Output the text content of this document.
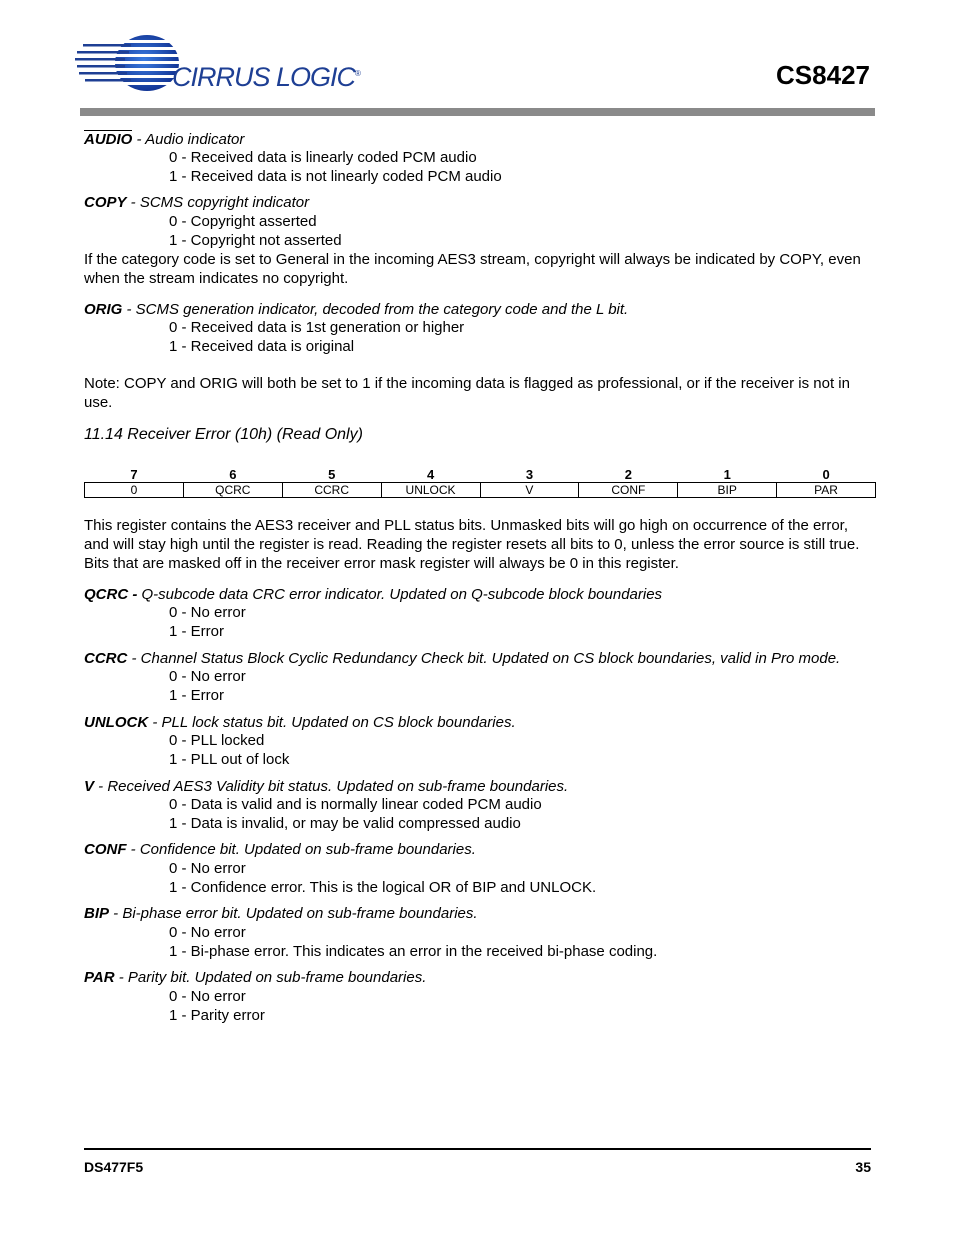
CIRRUS LOGIC®	CS8427
AUDIO - Audio indicator
0 - Received data is linearly coded PCM audio
1 - Received data is not linearly coded PCM audio
COPY - SCMS copyright indicator
0 - Copyright asserted
1 - Copyright not asserted
If the category code is set to General in the incoming AES3 stream, copyright will always be indicated by COPY, even when the stream indicates no copyright.
ORIG - SCMS generation indicator, decoded from the category code and the L bit.
0 - Received data is 1st generation or higher
1 - Received data is original
Note: COPY and ORIG will both be set to 1 if the incoming data is flagged as professional, or if the receiver is not in use.
11.14 Receiver Error (10h) (Read Only)
7	6	5	4	3	2	1	0
0	QCRC	CCRC	UNLOCK	V	CONF	BIP	PAR
This register contains the AES3 receiver and PLL status bits. Unmasked bits will go high on occurrence of the error, and will stay high until the register is read. Reading the register resets all bits to 0, unless the error source is still true. Bits that are masked off in the receiver error mask register will always be 0 in this register.
QCRC - Q-subcode data CRC error indicator. Updated on Q-subcode block boundaries
0 - No error
1 - Error
CCRC - Channel Status Block Cyclic Redundancy Check bit. Updated on CS block boundaries, valid in Pro mode.
0 - No error
1 - Error
UNLOCK - PLL lock status bit. Updated on CS block boundaries.
0 - PLL locked
1 - PLL out of lock
V - Received AES3 Validity bit status. Updated on sub-frame boundaries.
0 - Data is valid and is normally linear coded PCM audio
1 - Data is invalid, or may be valid compressed audio
CONF - Confidence bit. Updated on sub-frame boundaries.
0 - No error
1 - Confidence error. This is the logical OR of BIP and UNLOCK.
BIP - Bi-phase error bit. Updated on sub-frame boundaries.
0 - No error
1 - Bi-phase error. This indicates an error in the received bi-phase coding.
PAR - Parity bit. Updated on sub-frame boundaries.
0 - No error
1 - Parity error
DS477F5	35
